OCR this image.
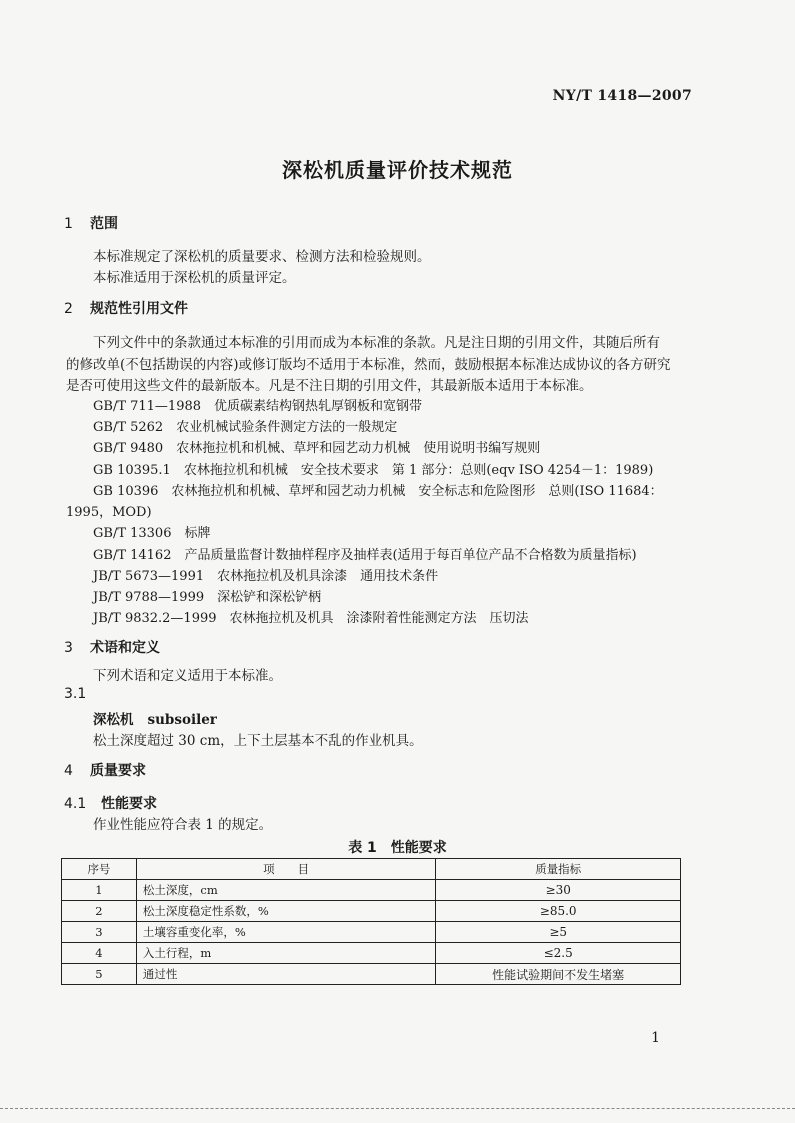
NY/T 1418—2007
深松机质量评价技术规范
1 范围
本标准规定了深松机的质量要求、检测方法和检验规则。
本标准适用于深松机的质量评定。
2 规范性引用文件
下列文件中的条款通过本标准的引用而成为本标准的条款。凡是注日期的引用文件，其随后所有
的修改单(不包括勘误的内容)或修订版均不适用于本标准，然而，鼓励根据本标准达成协议的各方研究
是否可使用这些文件的最新版本。凡是不注日期的引用文件，其最新版本适用于本标准。
GB/T 711—1988　优质碳素结构钢热轧厚钢板和宽钢带
GB/T 5262　农业机械试验条件测定方法的一般规定
GB/T 9480　农林拖拉机和机械、草坪和园艺动力机械　使用说明书编写规则
GB 10395.1　农林拖拉机和机械　安全技术要求　第 1 部分：总则(eqv ISO 4254－1：1989)
GB 10396　农林拖拉机和机械、草坪和园艺动力机械　安全标志和危险图形　总则(ISO 11684：
1995，MOD)
GB/T 13306　标牌
GB/T 14162　产品质量监督计数抽样程序及抽样表(适用于每百单位产品不合格数为质量指标)
JB/T 5673—1991　农林拖拉机及机具涂漆　通用技术条件
JB/T 9788—1999　深松铲和深松铲柄
JB/T 9832.2—1999　农林拖拉机及机具　涂漆附着性能测定方法　压切法
3 术语和定义
下列术语和定义适用于本标准。
3.1
深松机 subsoiler
松土深度超过 30 cm，上下土层基本不乱的作业机具。
4 质量要求
4.1 性能要求
作业性能应符合表 1 的规定。
表 1　性能要求
序号	项　　目	质量指标
1	松土深度，cm	≥30
2	松土深度稳定性系数，%	≥85.0
3	土壤容重变化率，%	≥5
4	入土行程，m	≤2.5
5	通过性	性能试验期间不发生堵塞
1
